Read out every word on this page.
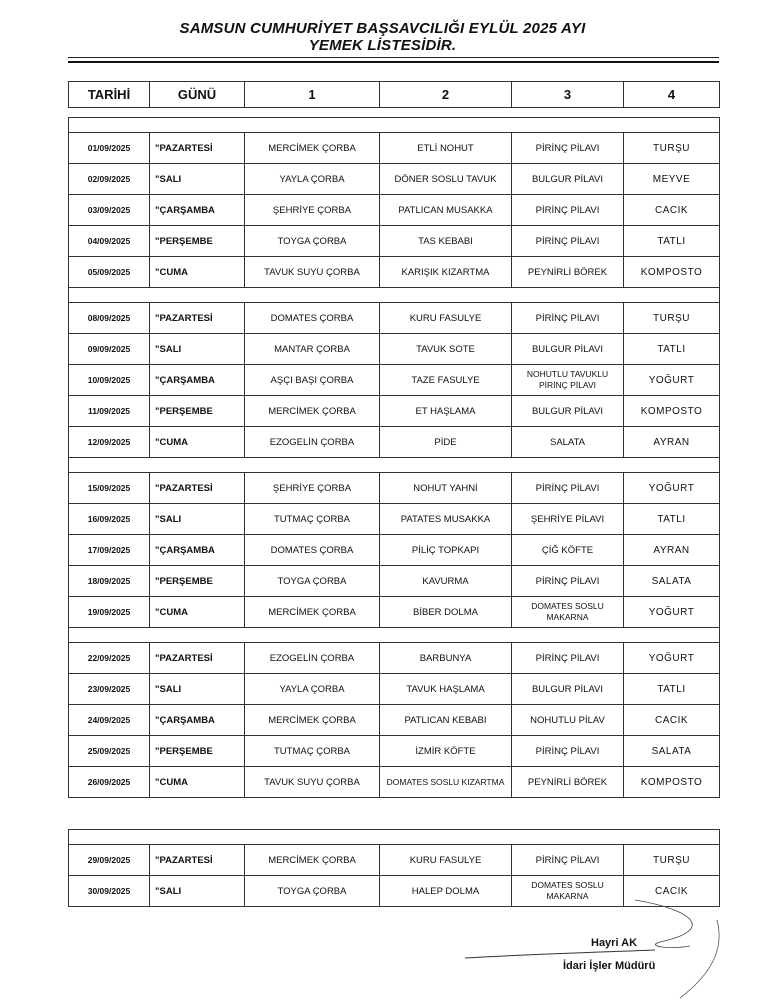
SAMSUN CUMHURİYET BAŞSAVCILIĞI EYLÜL 2025 AYI
YEMEK LİSTESİDİR.
TARİHİ	GÜNÜ	1	2	3	4

01/09/2025	"PAZARTESİ	MERCİMEK ÇORBA	ETLİ NOHUT	PİRİNÇ PİLAVI	TURŞU
02/09/2025	"SALI	YAYLA ÇORBA	DÖNER SOSLU TAVUK	BULGUR PİLAVI	MEYVE
03/09/2025	"ÇARŞAMBA	ŞEHRİYE ÇORBA	PATLICAN MUSAKKA	PİRİNÇ PİLAVI	CACIK
04/09/2025	"PERŞEMBE	TOYGA ÇORBA	TAS KEBABI	PİRİNÇ PİLAVI	TATLI
05/09/2025	"CUMA	TAVUK SUYU ÇORBA	KARIŞIK KIZARTMA	PEYNİRLİ BÖREK	KOMPOSTO

08/09/2025	"PAZARTESİ	DOMATES ÇORBA	KURU FASULYE	PİRİNÇ PİLAVI	TURŞU
09/09/2025	"SALI	MANTAR ÇORBA	TAVUK SOTE	BULGUR PİLAVI	TATLI
10/09/2025	"ÇARŞAMBA	AŞÇI BAŞI ÇORBA	TAZE FASULYE	NOHUTLU TAVUKLU PİRİNÇ PİLAVI	YOĞURT
11/09/2025	"PERŞEMBE	MERCİMEK ÇORBA	ET HAŞLAMA	BULGUR PİLAVI	KOMPOSTO
12/09/2025	"CUMA	EZOGELİN ÇORBA	PİDE	SALATA	AYRAN

15/09/2025	"PAZARTESİ	ŞEHRİYE ÇORBA	NOHUT YAHNİ	PİRİNÇ PİLAVI	YOĞURT
16/09/2025	"SALI	TUTMAÇ ÇORBA	PATATES MUSAKKA	ŞEHRİYE PİLAVI	TATLI
17/09/2025	"ÇARŞAMBA	DOMATES ÇORBA	PİLİÇ TOPKAPI	ÇİĞ KÖFTE	AYRAN
18/09/2025	"PERŞEMBE	TOYGA ÇORBA	KAVURMA	PİRİNÇ PİLAVI	SALATA
19/09/2025	"CUMA	MERCİMEK ÇORBA	BİBER DOLMA	DOMATES SOSLU MAKARNA	YOĞURT

22/09/2025	"PAZARTESİ	EZOGELİN ÇORBA	BARBUNYA	PİRİNÇ PİLAVI	YOĞURT
23/09/2025	"SALI	YAYLA ÇORBA	TAVUK HAŞLAMA	BULGUR PİLAVI	TATLI
24/09/2025	"ÇARŞAMBA	MERCİMEK ÇORBA	PATLICAN KEBABI	NOHUTLU PİLAV	CACIK
25/09/2025	"PERŞEMBE	TUTMAÇ ÇORBA	İZMİR KÖFTE	PİRİNÇ PİLAVI	SALATA
26/09/2025	"CUMA	TAVUK SUYU ÇORBA	DOMATES SOSLU KIZARTMA	PEYNİRLİ BÖREK	KOMPOSTO

29/09/2025	"PAZARTESİ	MERCİMEK ÇORBA	KURU FASULYE	PİRİNÇ PİLAVI	TURŞU
30/09/2025	"SALI	TOYGA ÇORBA	HALEP DOLMA	DOMATES SOSLU MAKARNA	CACIK
Hayri AK
İdari İşler Müdürü
